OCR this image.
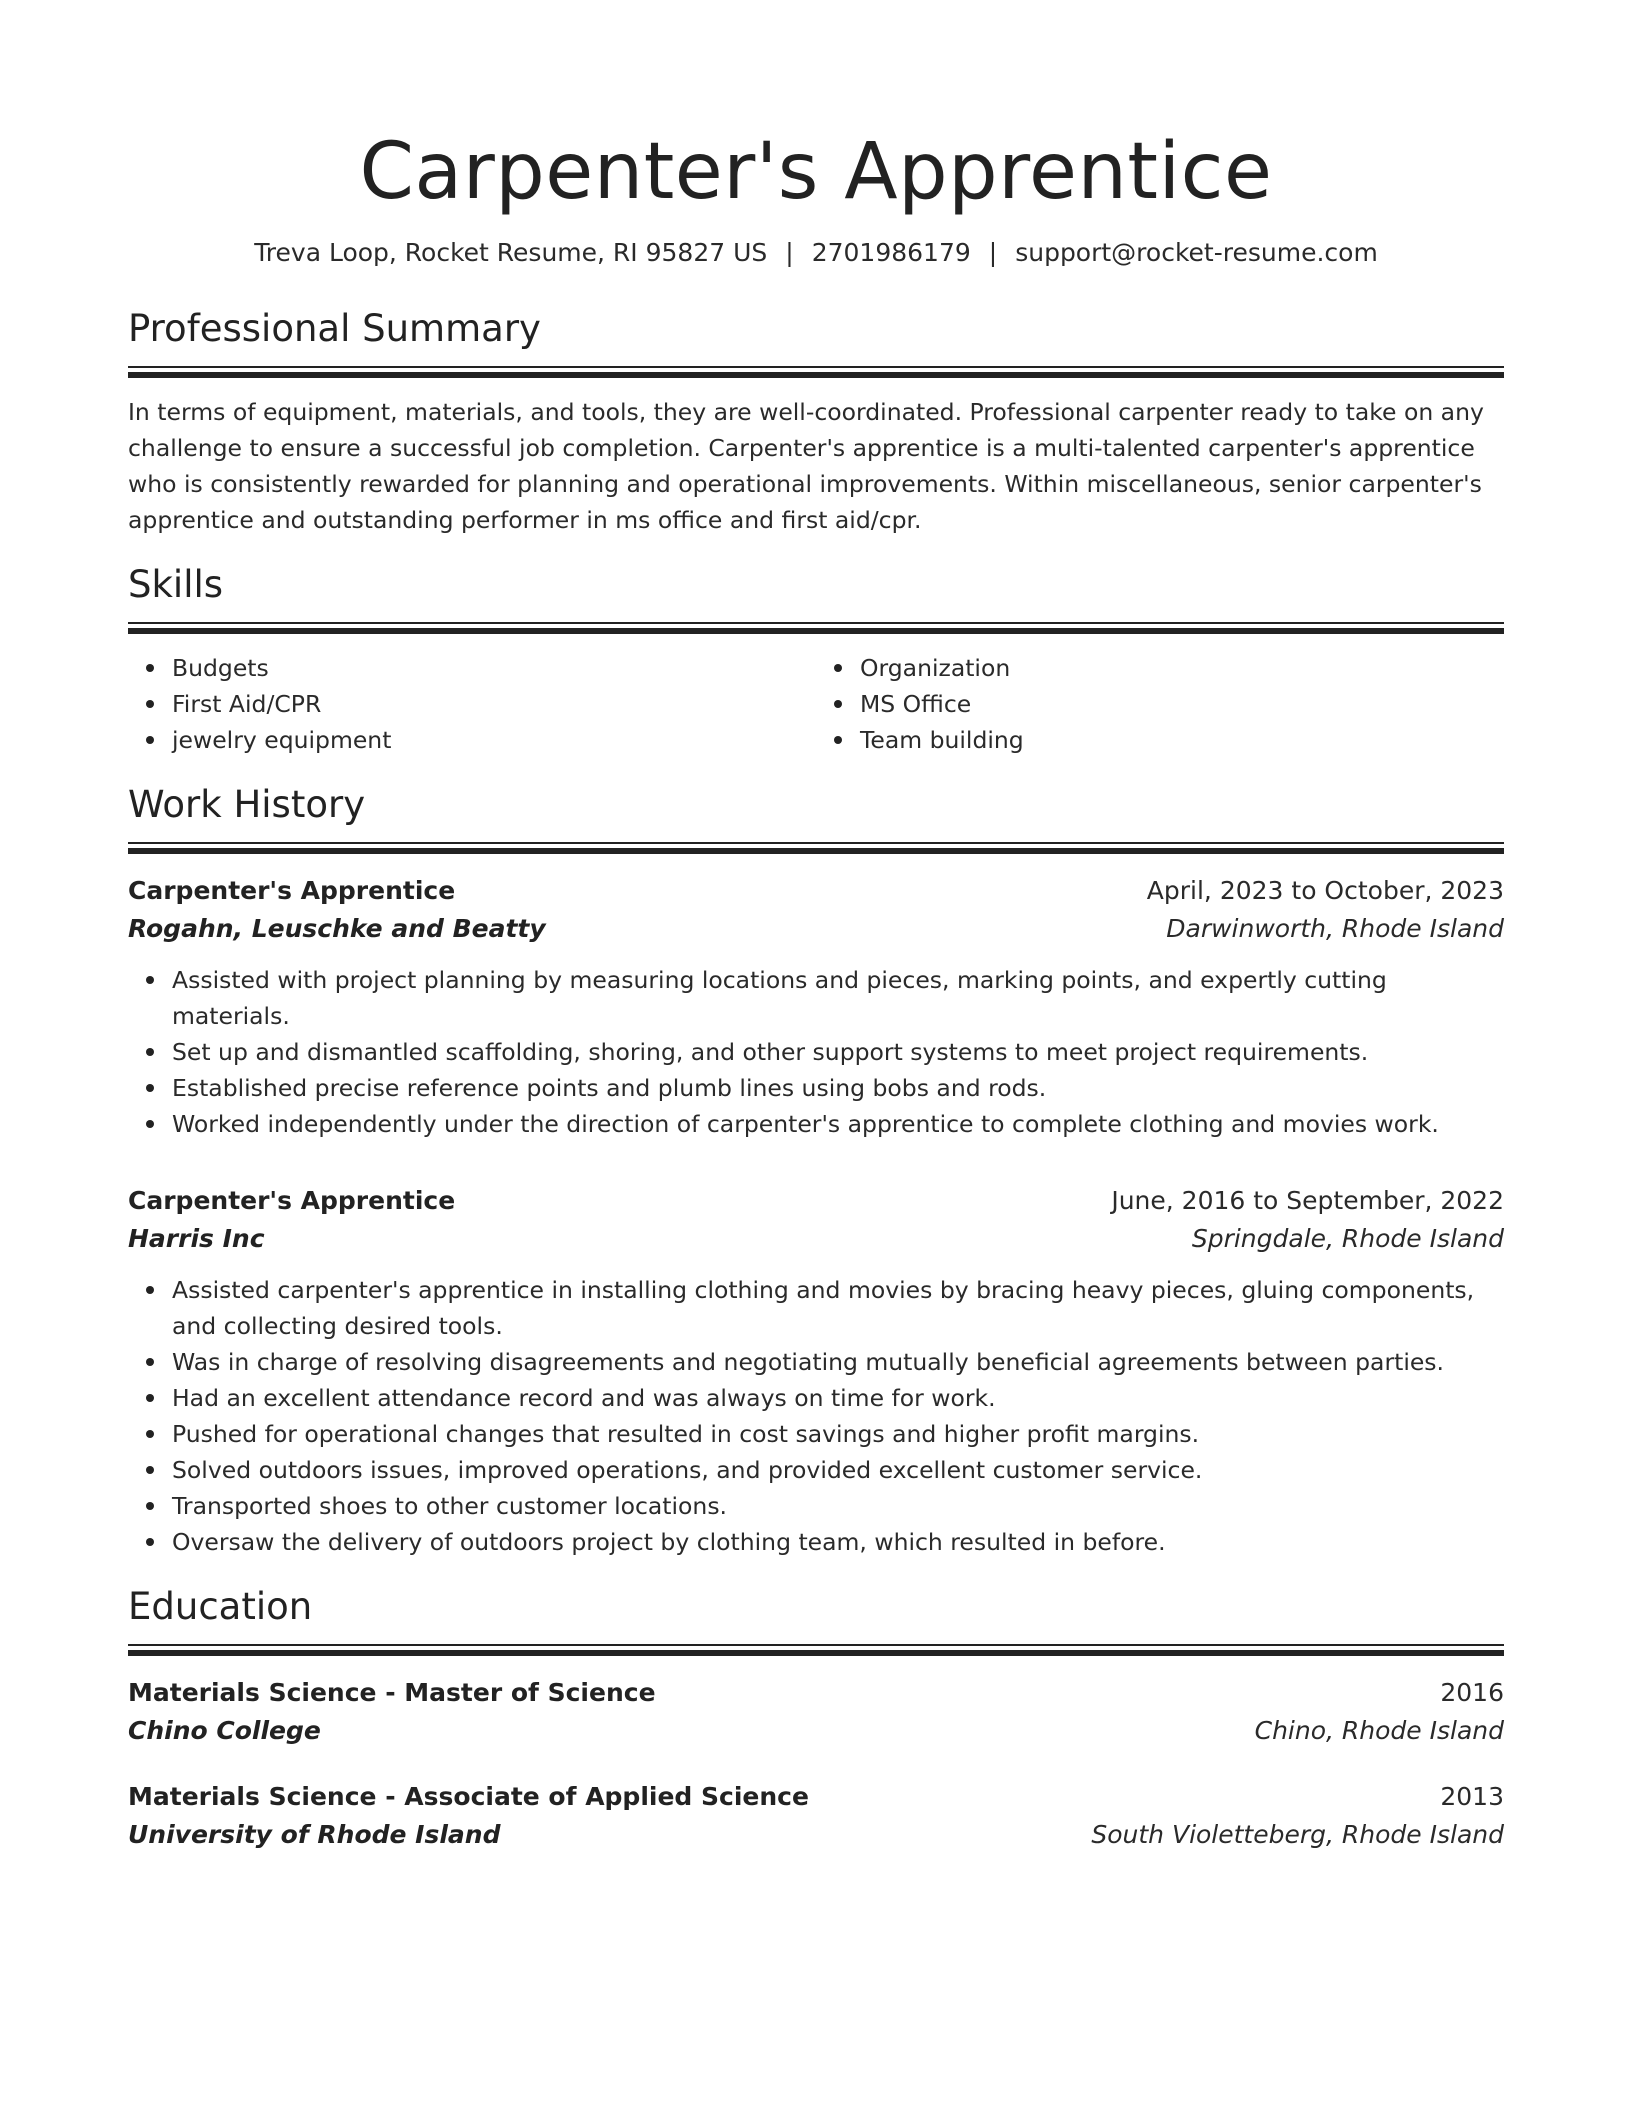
Carpenter's Apprentice
Treva Loop, Rocket Resume, RI 95827 US | 2701986179 | support@rocket-resume.com
Professional Summary

In terms of equipment, materials, and tools, they are well-coordinated. Professional carpenter ready to take on any challenge to ensure a successful job completion. Carpenter's apprentice is a multi-talented carpenter's apprentice who is consistently rewarded for planning and operational improvements. Within miscellaneous, senior carpenter's apprentice and outstanding performer in ms office and first aid/cpr.

Skills
Budgets
First Aid/CPR
jewelry equipment
Organization
MS Office
Team building
Work History
Carpenter's Apprentice	April, 2023 to October, 2023
Rogahn, Leuschke and Beatty	Darwinworth, Rhode Island
Assisted with project planning by measuring locations and pieces, marking points, and expertly cutting materials.
Set up and dismantled scaffolding, shoring, and other support systems to meet project requirements.
Established precise reference points and plumb lines using bobs and rods.
Worked independently under the direction of carpenter's apprentice to complete clothing and movies work.
Carpenter's Apprentice	June, 2016 to September, 2022
Harris Inc	Springdale, Rhode Island
Assisted carpenter's apprentice in installing clothing and movies by bracing heavy pieces, gluing components, and collecting desired tools.
Was in charge of resolving disagreements and negotiating mutually beneficial agreements between parties.
Had an excellent attendance record and was always on time for work.
Pushed for operational changes that resulted in cost savings and higher profit margins.
Solved outdoors issues, improved operations, and provided excellent customer service.
Transported shoes to other customer locations.
Oversaw the delivery of outdoors project by clothing team, which resulted in before.
Education
Materials Science - Master of Science	2016
Chino College	Chino, Rhode Island
Materials Science - Associate of Applied Science	2013
University of Rhode Island	South Violetteberg, Rhode Island
